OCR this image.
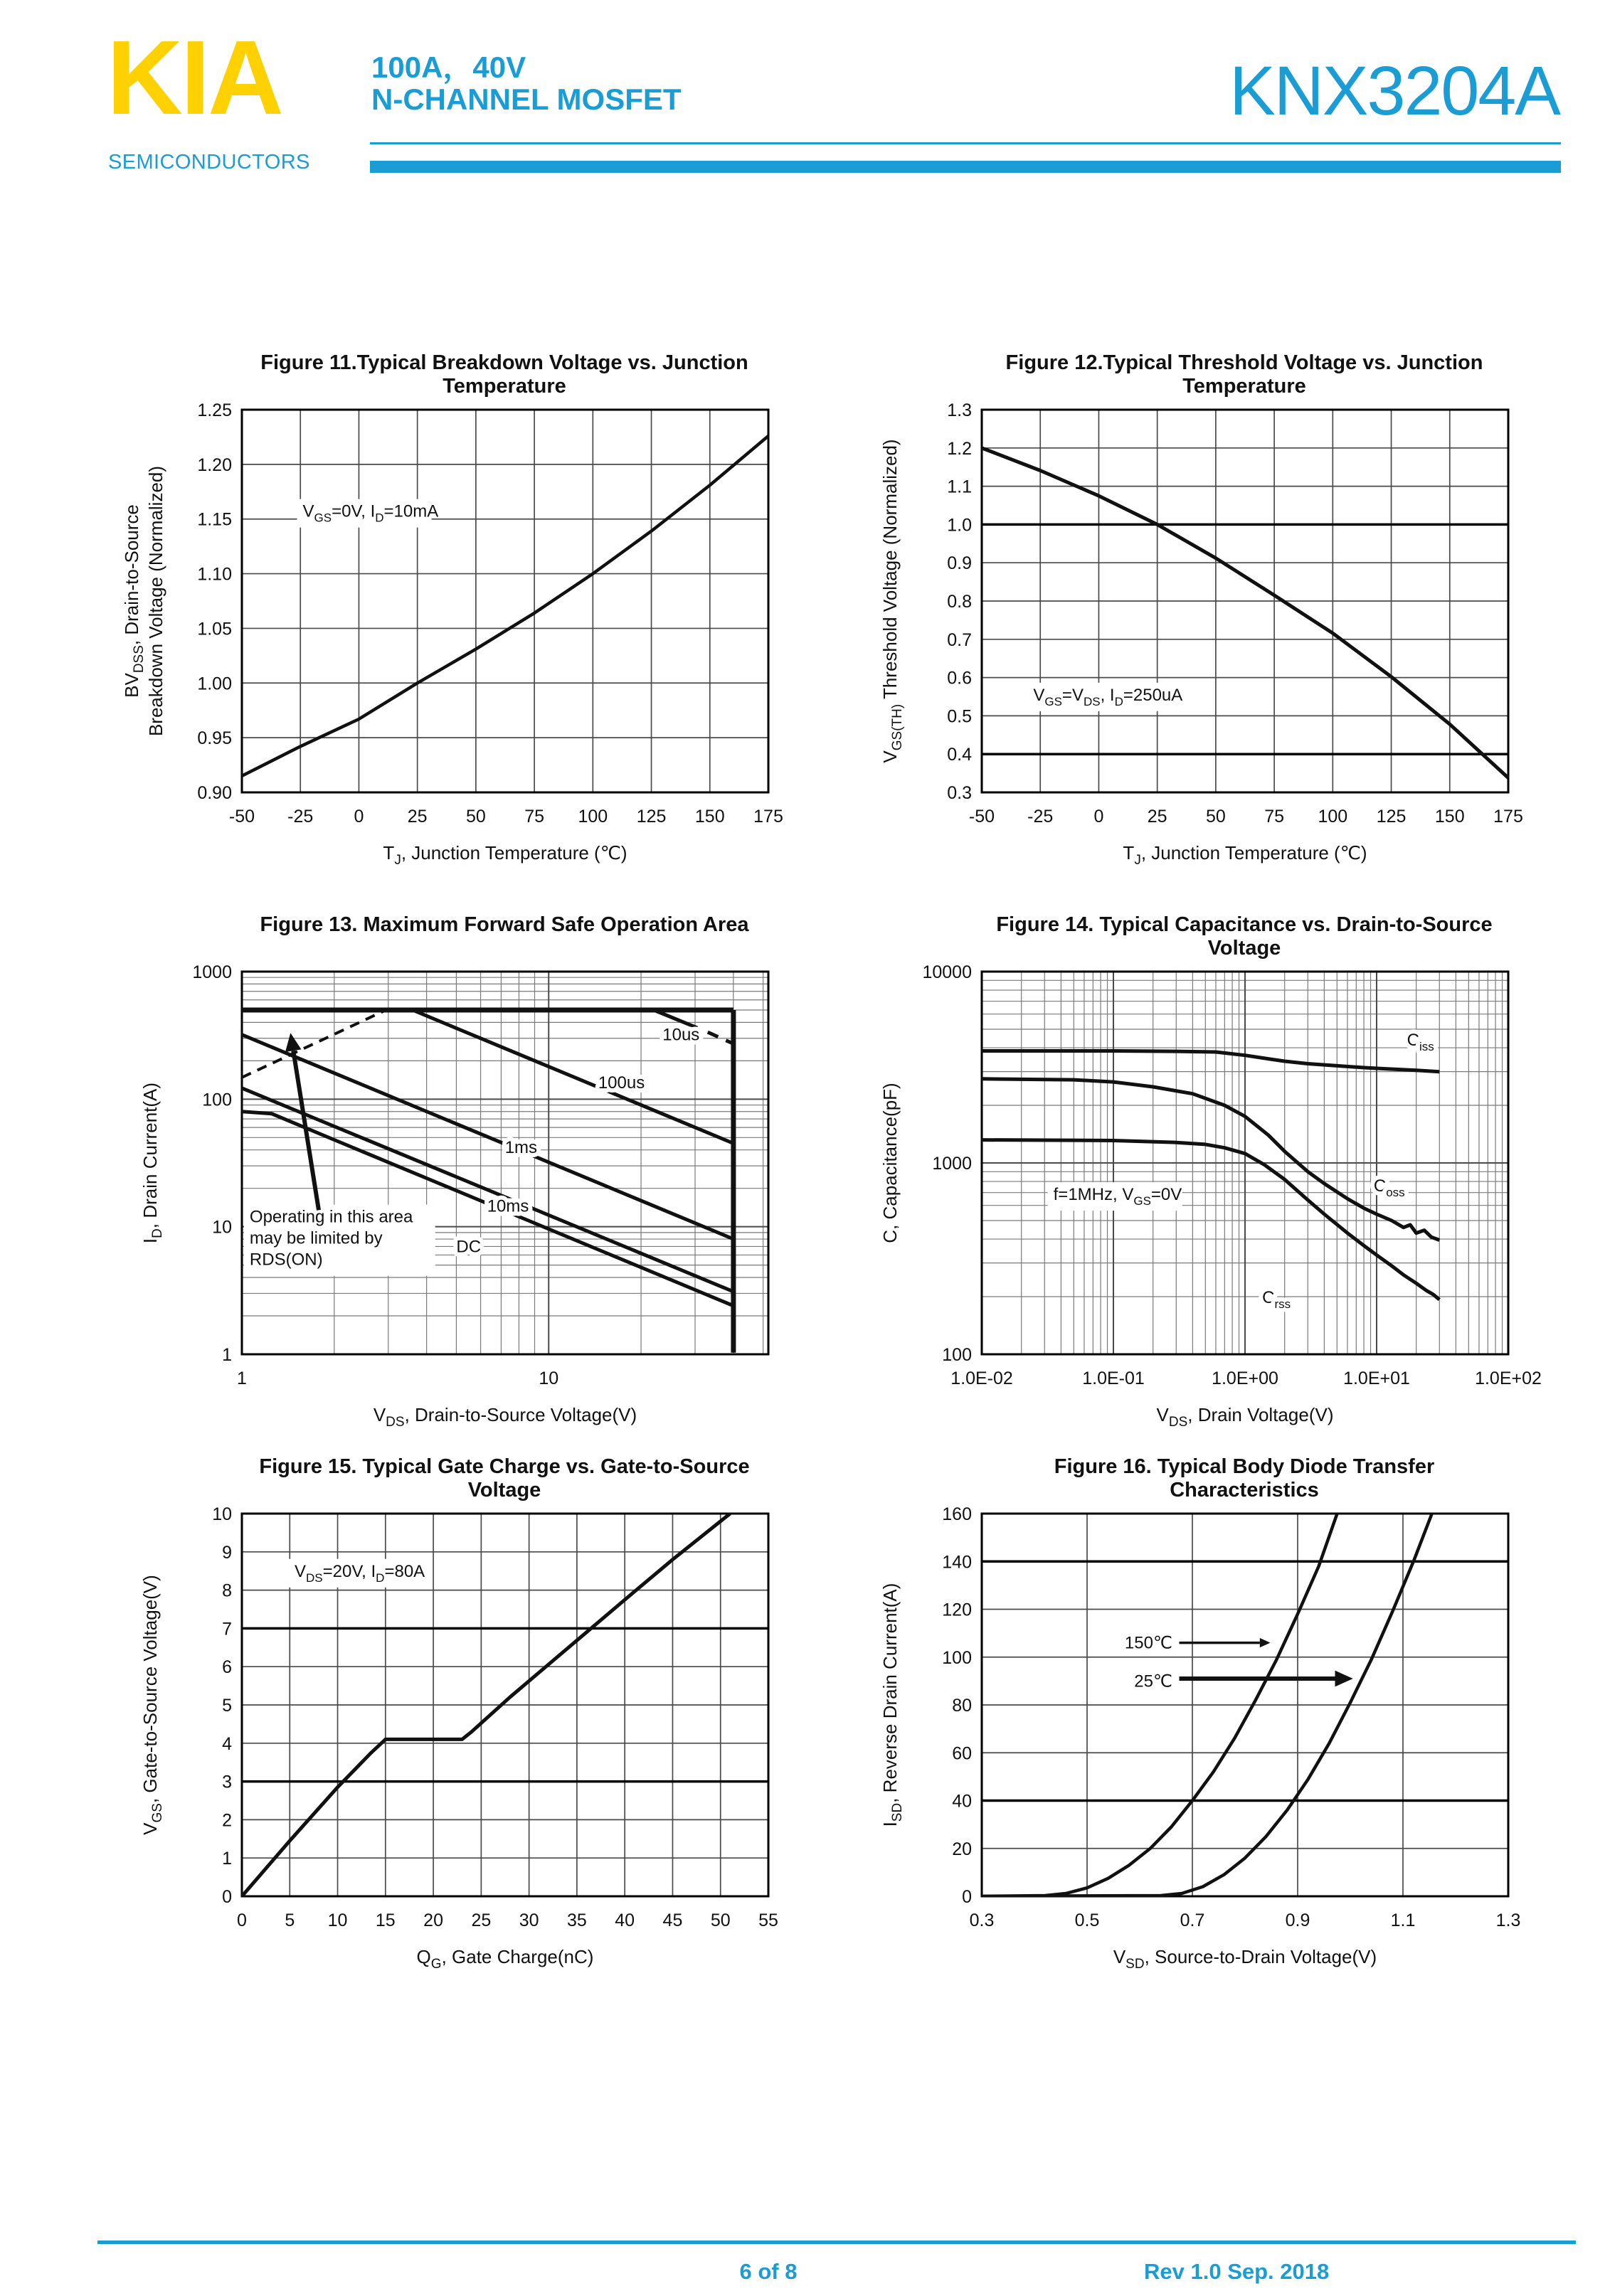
KIA
SEMICONDUCTORS
100A，40V
N-CHANNEL MOSFET	KNX3204A
Figure 11.Typical Breakdown Voltage vs. Junction
Temperature
$V_{GS}=0V$, $I_D=10mA$
-50 -25 0 25 50 75 100 125 150 175
0.90
0.95
1.00
1.05
1.10
1.15
1.20
1.25
$T_J$, Junction Temperature (℃)
$BV_{DSS}$, Drain-to-Source Breakdown Voltage (Normalized)
Figure 12.Typical Threshold Voltage vs. Junction
Temperature
$V_{GS}=V_{DS}$, $I_D=250uA$
-50 -25 0 25 50 75 100 125 150 175
0.3
0.4
0.5
0.6
0.7
0.8
0.9
1.0
1.1
1.2
1.3
$T_J$, Junction Temperature (℃)
$V_{GS(TH)}$ Threshold Voltage (Normalized)
Figure 13. Maximum Forward Safe Operation Area
Operating in this area
may be limited by
RDS(ON)
10us
100us
1ms
10ms
DC
1	10
1
10
100
1000
$V_{DS}$, Drain-to-Source Voltage(V)
$I_D$, Drain Current(A)
Figure 14. Typical Capacitance vs. Drain-to-Source
Voltage
f=1MHz, $V_{GS}=0V$
$C_{iss}$
$C_{oss}$
$C_{rss}$
1.0E-02	1.0E-01	1.0E+00	1.0E+01	1.0E+02
100
1000
10000
$V_{DS}$, Drain Voltage(V)
C, Capacitance(pF)
Figure 15. Typical Gate Charge vs. Gate-to-Source
Voltage
$V_{DS}=20V$, $I_D=80A$
0 5 10 15 20 25 30 35 40 45 50 55
0
1
2
3
4
5
6
7
8
9
10
$Q_G$, Gate Charge(nC)
$V_{GS}$, Gate-to-Source Voltage(V)
Figure 16. Typical Body Diode Transfer
Characteristics
150℃
25℃
0.3	0.5	0.7	0.9	1.1	1.3
0
20
40
60
80
100
120
140
160
$V_{SD}$, Source-to-Drain Voltage(V)
$I_{SD}$, Reverse Drain Current(A)
6 of 8	Rev 1.0 Sep. 2018
